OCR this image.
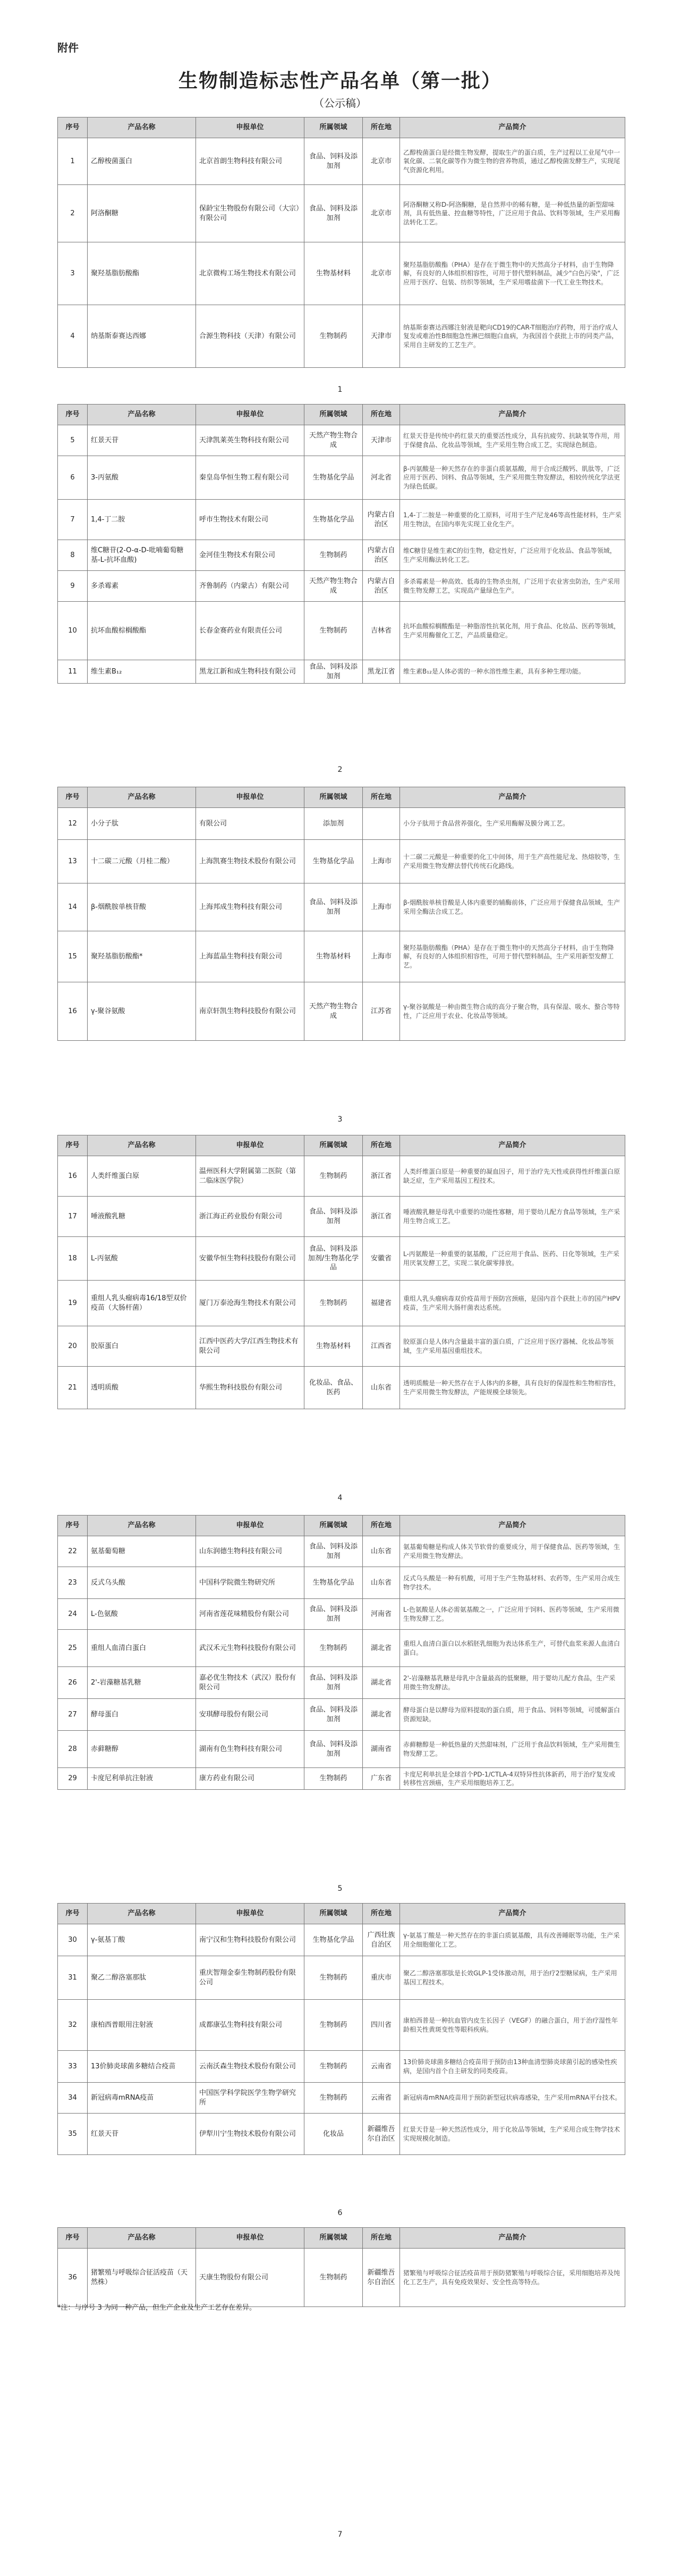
附件
生物制造标志性产品名单（第一批）
（公示稿）
序号	产品名称	申报单位	所属领域	所在地	产品简介
1	乙醇梭菌蛋白	北京首朗生物科技有限公司	食品、饲料及添加剂	北京市	乙醇梭菌蛋白是经微生物发酵，提取生产的蛋白质，生产过程以工业尾气中一氧化碳、二氧化碳等作为微生物的营养物质，通过乙醇梭菌发酵生产，实现尾气资源化利用。
2	阿洛酮糖	保龄宝生物股份有限公司（大宗）有限公司	食品、饲料及添加剂	北京市	阿洛酮糖又称D-阿洛酮糖，是自然界中的稀有糖，是一种低热量的新型甜味剂，具有低热量、控血糖等特性，广泛应用于食品、饮料等领域，生产采用酶法转化工艺。
3	聚羟基脂肪酸酯	北京微构工场生物技术有限公司	生物基材料	北京市	聚羟基脂肪酸酯（PHA）是存在于微生物中的天然高分子材料，由于生物降解，有良好的人体组织相容性，可用于替代塑料制品，减少"白色污染"，广泛应用于医疗、包装、纺织等领域，生产采用嗜盐菌下一代工业生物技术。
4	纳基斯泰赛达西娜	合源生物科技（天津）有限公司	生物制药	天津市	纳基斯泰赛达西娜注射液是靶向CD19的CAR-T细胞治疗药物，用于治疗成人复发或难治性B细胞急性淋巴细胞白血病，为我国首个获批上市的同类产品，采用自主研发的工艺生产。
1
序号	产品名称	申报单位	所属领域	所在地	产品简介
5	红景天苷	天津凯莱英生物科技有限公司	天然产物生物合成	天津市	红景天苷是传统中药红景天的重要活性成分，具有抗疲劳、抗缺氧等作用，用于保健食品、化妆品等领域，生产采用生物合成工艺，实现绿色制造。
6	3-丙氨酸	秦皇岛华恒生物工程有限公司	生物基化学品	河北省	β-丙氨酸是一种天然存在的非蛋白质氨基酸，用于合成泛酸钙、肌肽等，广泛应用于医药、饲料、食品等领域，生产采用微生物发酵法，相较传统化学法更为绿色低碳。
7	1,4-丁二胺	呼市生物技术有限公司	生物基化学品	内蒙古自治区	1,4-丁二胺是一种重要的化工原料，可用于生产尼龙46等高性能材料，生产采用生物法，在国内率先实现工业化生产。
8	维C糖苷(2-O-α-D-吡喃葡萄糖基-L-抗坏血酸)	金河佳生物技术有限公司	生物制药	内蒙古自治区	维C糖苷是维生素C的衍生物，稳定性好，广泛应用于化妆品、食品等领域，生产采用酶法转化工艺。
9	多杀霉素	齐鲁制药（内蒙古）有限公司	天然产物生物合成	内蒙古自治区	多杀霉素是一种高效、低毒的生物杀虫剂，广泛用于农业害虫防治，生产采用微生物发酵工艺，实现高产量绿色生产。
10	抗坏血酸棕榈酸酯	长春金赛药业有限责任公司	生物制药	吉林省	抗坏血酸棕榈酸酯是一种脂溶性抗氧化剂，用于食品、化妆品、医药等领域，生产采用酶催化工艺，产品质量稳定。
11	维生素B₁₂	黑龙江新和成生物科技有限公司	食品、饲料及添加剂	黑龙江省	维生素B₁₂是人体必需的一种水溶性维生素，具有多种生理功能。
2
序号	产品名称	申报单位	所属领域	所在地	产品简介
12	小分子肽	有限公司	添加剂		小分子肽用于食品营养强化，生产采用酶解及膜分离工艺。
13	十二碳二元酸（月桂二酸）	上海凯赛生物技术股份有限公司	生物基化学品	上海市	十二碳二元酸是一种重要的化工中间体，用于生产高性能尼龙、热熔胶等，生产采用微生物发酵法替代传统石化路线。
14	β-烟酰胺单核苷酸	上海邦成生物科技有限公司	食品、饲料及添加剂	上海市	β-烟酰胺单核苷酸是人体内重要的辅酶前体，广泛应用于保健食品领域，生产采用全酶法合成工艺。
15	聚羟基脂肪酸酯*	上海蓝晶生物科技有限公司	生物基材料	上海市	聚羟基脂肪酸酯（PHA）是存在于微生物中的天然高分子材料，由于生物降解，有良好的人体组织相容性，可用于替代塑料制品，生产采用新型发酵工艺。
16	γ-聚谷氨酸	南京轩凯生物科技股份有限公司	天然产物生物合成	江苏省	γ-聚谷氨酸是一种由微生物合成的高分子聚合物，具有保湿、吸水、螯合等特性，广泛应用于农业、化妆品等领域。
3
序号	产品名称	申报单位	所属领域	所在地	产品简介
16	人类纤维蛋白原	温州医科大学附属第二医院（第二临床医学院）	生物制药	浙江省	人类纤维蛋白原是一种重要的凝血因子，用于治疗先天性或获得性纤维蛋白原缺乏症，生产采用基因工程技术。
17	唾液酸乳糖	浙江海正药业股份有限公司	食品、饲料及添加剂	浙江省	唾液酸乳糖是母乳中重要的功能性寡糖，用于婴幼儿配方食品等领域，生产采用生物合成工艺。
18	L-丙氨酸	安徽华恒生物科技股份有限公司	食品、饲料及添加剂/生物基化学品	安徽省	L-丙氨酸是一种重要的氨基酸，广泛应用于食品、医药、日化等领域，生产采用厌氧发酵工艺，实现二氧化碳零排放。
19	重组人乳头瘤病毒16/18型双价疫苗（大肠杆菌）	厦门万泰沧海生物技术有限公司	生物制药	福建省	重组人乳头瘤病毒双价疫苗用于预防宫颈癌，是国内首个获批上市的国产HPV疫苗，生产采用大肠杆菌表达系统。
20	胶原蛋白	江西中医药大学/江西生物技术有限公司	生物基材料	江西省	胶原蛋白是人体内含量最丰富的蛋白质，广泛应用于医疗器械、化妆品等领域，生产采用基因重组技术。
21	透明质酸	华熙生物科技股份有限公司	化妆品、食品、医药	山东省	透明质酸是一种天然存在于人体内的多糖，具有良好的保湿性和生物相容性，生产采用微生物发酵法，产能规模全球领先。
4
序号	产品名称	申报单位	所属领域	所在地	产品简介
22	氨基葡萄糖	山东润德生物科技有限公司	食品、饲料及添加剂	山东省	氨基葡萄糖是构成人体关节软骨的重要成分，用于保健食品、医药等领域，生产采用微生物发酵法。
23	反式乌头酸	中国科学院微生物研究所	生物基化学品	山东省	反式乌头酸是一种有机酸，可用于生产生物基材料、农药等，生产采用合成生物学技术。
24	L-色氨酸	河南省莲花味精股份有限公司	食品、饲料及添加剂	河南省	L-色氨酸是人体必需氨基酸之一，广泛应用于饲料、医药等领域，生产采用微生物发酵工艺。
25	重组人血清白蛋白	武汉禾元生物科技股份有限公司	生物制药	湖北省	重组人血清白蛋白以水稻胚乳细胞为表达体系生产，可替代血浆来源人血清白蛋白。
26	2'-岩藻糖基乳糖	嘉必优生物技术（武汉）股份有限公司	食品、饲料及添加剂	湖北省	2'-岩藻糖基乳糖是母乳中含量最高的低聚糖，用于婴幼儿配方食品，生产采用微生物发酵法。
27	酵母蛋白	安琪酵母股份有限公司	食品、饲料及添加剂	湖北省	酵母蛋白是以酵母为原料提取的蛋白质，用于食品、饲料等领域，可缓解蛋白资源短缺。
28	赤藓糖醇	湖南有色生物科技有限公司	食品、饲料及添加剂	湖南省	赤藓糖醇是一种低热量的天然甜味剂，广泛用于食品饮料领域，生产采用微生物发酵工艺。
29	卡度尼利单抗注射液	康方药业有限公司	生物制药	广东省	卡度尼利单抗是全球首个PD-1/CTLA-4双特异性抗体新药，用于治疗复发或转移性宫颈癌，生产采用细胞培养工艺。
5
序号	产品名称	申报单位	所属领域	所在地	产品简介
30	γ-氨基丁酸	南宁汉和生物科技股份有限公司	生物基化学品	广西壮族自治区	γ-氨基丁酸是一种天然存在的非蛋白质氨基酸，具有改善睡眠等功能，生产采用全细胞催化工艺。
31	聚乙二醇洛塞那肽	重庆智翔金泰生物制药股份有限公司	生物制药	重庆市	聚乙二醇洛塞那肽是长效GLP-1受体激动剂，用于治疗2型糖尿病，生产采用基因工程技术。
32	康柏西普眼用注射液	成都康弘生物科技有限公司	生物制药	四川省	康柏西普是一种抗血管内皮生长因子（VEGF）的融合蛋白，用于治疗湿性年龄相关性黄斑变性等眼科疾病。
33	13价肺炎球菌多糖结合疫苗	云南沃森生物技术股份有限公司	生物制药	云南省	13价肺炎球菌多糖结合疫苗用于预防由13种血清型肺炎球菌引起的感染性疾病，是国内首个自主研发的同类疫苗。
34	新冠病毒mRNA疫苗	中国医学科学院医学生物学研究所	生物制药	云南省	新冠病毒mRNA疫苗用于预防新型冠状病毒感染，生产采用mRNA平台技术。
35	红景天苷	伊犁川宁生物技术股份有限公司	化妆品	新疆维吾尔自治区	红景天苷是一种天然活性成分，用于化妆品等领域，生产采用合成生物学技术实现规模化制造。
6
序号	产品名称	申报单位	所属领域	所在地	产品简介
36	猪繁殖与呼吸综合征活疫苗（天然株）	天康生物股份有限公司	生物制药	新疆维吾尔自治区	猪繁殖与呼吸综合征活疫苗用于预防猪繁殖与呼吸综合征，采用细胞培养及纯化工艺生产，具有免疫效果好、安全性高等特点。
7
*注：与序号 3 为同一种产品，但生产企业及生产工艺存在差异。
